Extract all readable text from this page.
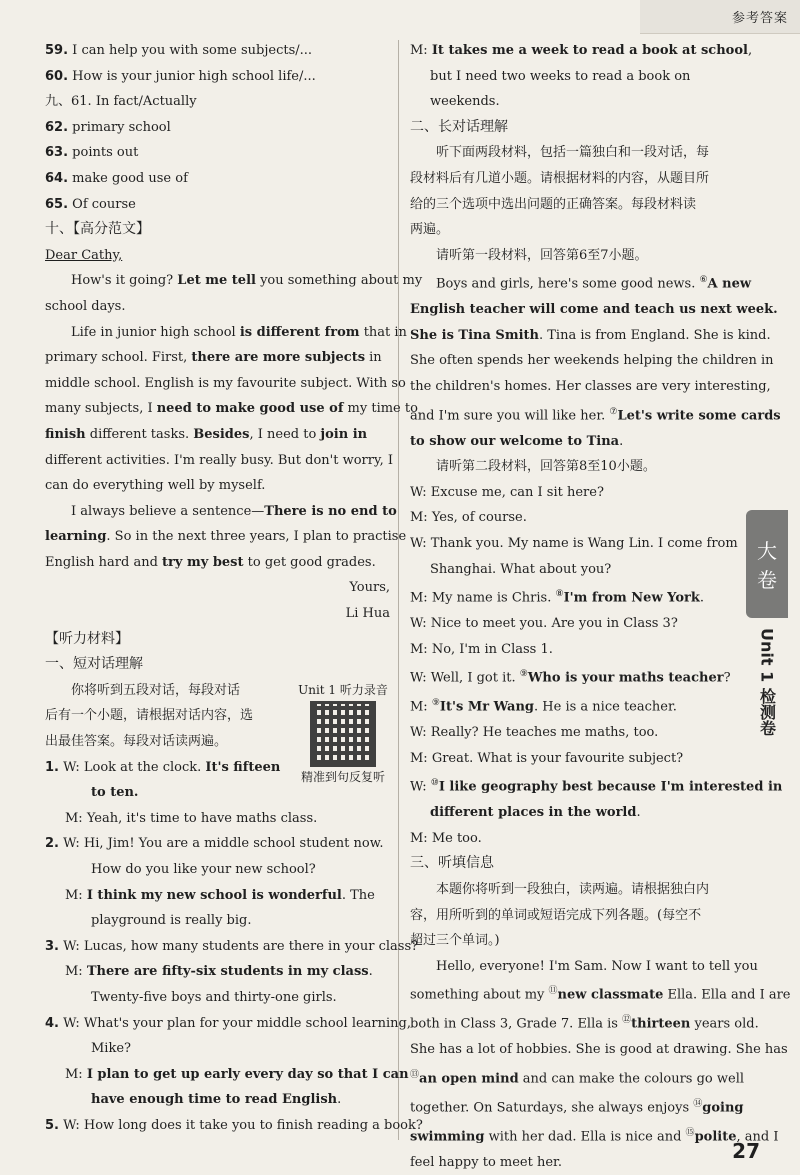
参考答案
59. I can help you with some subjects/...
60. How is your junior high school life/...
九、61. In fact/Actually
62. primary school
63. points out
64. make good use of
65. Of course
十、【高分范文】
Dear Cathy,
How's it going? Let me tell you something about my
school days.
Life in junior high school is different from that in
primary school. First, there are more subjects in
middle school. English is my favourite subject. With so
many subjects, I need to make good use of my time to
finish different tasks. Besides, I need to join in
different activities. I'm really busy. But don't worry, I
can do everything well by myself.
I always believe a sentence—There is no end to
learning. So in the next three years, I plan to practise
English hard and try my best to get good grades.
Yours,
Li Hua
【听力材料】
一、短对话理解
你将听到五段对话，每段对话
后有一个小题，请根据对话内容，选
出最佳答案。每段对话读两遍。
1. W: Look at the clock. It's fifteen
to ten.
M: Yeah, it's time to have maths class.
2. W: Hi, Jim! You are a middle school student now.
How do you like your new school?
M: I think my new school is wonderful. The
playground is really big.
3. W: Lucas, how many students are there in your class?
M: There are fifty-six students in my class.
Twenty-five boys and thirty-one girls.
4. W: What's your plan for your middle school learning,
Mike?
M: I plan to get up early every day so that I can
have enough time to read English.
5. W: How long does it take you to finish reading a book?
Unit 1 听力录音
精准到句反复听
M: It takes me a week to read a book at school,
but I need two weeks to read a book on
weekends.
二、长对话理解
听下面两段材料，包括一篇独白和一段对话，每
段材料后有几道小题。请根据材料的内容，从题目所
给的三个选项中选出问题的正确答案。每段材料读
两遍。
请听第一段材料，回答第6至7小题。
Boys and girls, here's some good news. ⑥A new
English teacher will come and teach us next week.
She is Tina Smith. Tina is from England. She is kind.
She often spends her weekends helping the children in
the children's homes. Her classes are very interesting,
and I'm sure you will like her. ⑦Let's write some cards
to show our welcome to Tina.
请听第二段材料，回答第8至10小题。
W: Excuse me, can I sit here?
M: Yes, of course.
W: Thank you. My name is Wang Lin. I come from
Shanghai. What about you?
M: My name is Chris. ⑧I'm from New York.
W: Nice to meet you. Are you in Class 3?
M: No, I'm in Class 1.
W: Well, I got it. ⑨Who is your maths teacher?
M: ⑨It's Mr Wang. He is a nice teacher.
W: Really? He teaches me maths, too.
M: Great. What is your favourite subject?
W: ⑩I like geography best because I'm interested in
different places in the world.
M: Me too.
三、听填信息
本题你将听到一段独白，读两遍。请根据独白内
容，用所听到的单词或短语完成下列各题。(每空不
超过三个单词。)
Hello, everyone! I'm Sam. Now I want to tell you
something about my ⑪new classmate Ella. Ella and I are
both in Class 3, Grade 7. Ella is ⑫thirteen years old.
She has a lot of hobbies. She is good at drawing. She has
⑬an open mind and can make the colours go well
together. On Saturdays, she always enjoys ⑭going
swimming with her dad. Ella is nice and ⑮polite, and I
feel happy to meet her.
大
卷
Unit 1 检测卷
27
